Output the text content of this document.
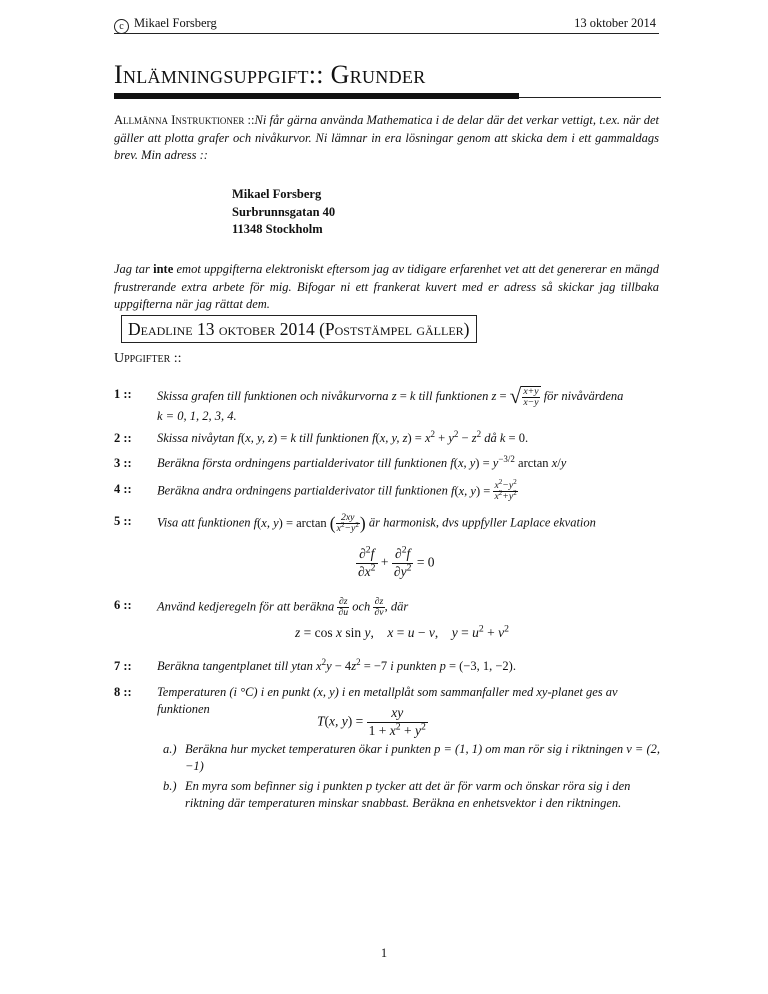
c Mikael Forsberg	13 oktober 2014
Inlämningsuppgift:: Grunder
Allmänna Instruktioner ::Ni får gärna använda Mathematica i de delar där det verkar vettigt, t.ex. när det gäller att plotta grafer och nivåkurvor. Ni lämnar in era lösningar genom att skicka dem i ett gammaldags brev. Min adress ::
Mikael Forsberg
Surbrunnsgatan 40
11348 Stockholm
Jag tar inte emot uppgifterna elektroniskt eftersom jag av tidigare erfarenhet vet att det genererar en mängd frustrerande extra arbete för mig. Bifogar ni ett frankerat kuvert med er adress så skickar jag tillbaka uppgifterna när jag rättat dem.
Deadline 13 oktober 2014 (Poststämpel gäller)
Uppgifter ::
1 :: Skissa grafen till funktionen och nivåkurvorna z = k till funktionen z = √ $\frac{x+y}{x-y}$ för nivåvärdena
k = 0, 1, 2, 3, 4.
2 :: Skissa nivåytan f(x, y, z) = k till funktionen f(x, y, $z) = x^2 + y^2 - z^2$ då k = 0.
3 :: Beräkna första ordningens partialderivator till funktionen f(x, $y) = y^{-3/2}$ arctan x/y
4 :: Beräkna andra ordningens partialderivator till funktionen f(x, $y) = \frac{x^2-y^2}{x^2+y^2}$
5 :: Visa att funktionen f(x, y) = arctan ( $\frac{2xy}{x^2-y^2}$ ) är harmonisk, dvs uppfyller Laplace ekvation
$\frac{\partial^2f}{\partial x^2} + \frac{\partial^2f}{\partial y^2} = 0$
6 :: Använd kedjeregeln för att beräkna $\frac{\partial z}{\partial u}$ och $\frac{\partial z}{\partial v}$ , där
z = cos x sin y,    x = u − v,    $y = u^2 + v^2$
7 :: Beräkna tangentplanet till ytan $x^2y - 4z^2 = -7$ i punkten p = (−3, 1, −2).
8 :: Temperaturen (i °C) i en punkt (x, y) i en metallplåt som sammanfaller med xy-planet ges av funktionen
T(x, $y) = \frac{xy}{1 + x^2 + y^2}$
a.) Beräkna hur mycket temperaturen ökar i punkten p = (1, 1) om man rör sig i riktningen v = (2, −1)
b.) En myra som befinner sig i punkten p tycker att det är för varm och önskar röra sig i den riktning där temperaturen minskar snabbast. Beräkna en enhetsvektor i den riktningen.
1
